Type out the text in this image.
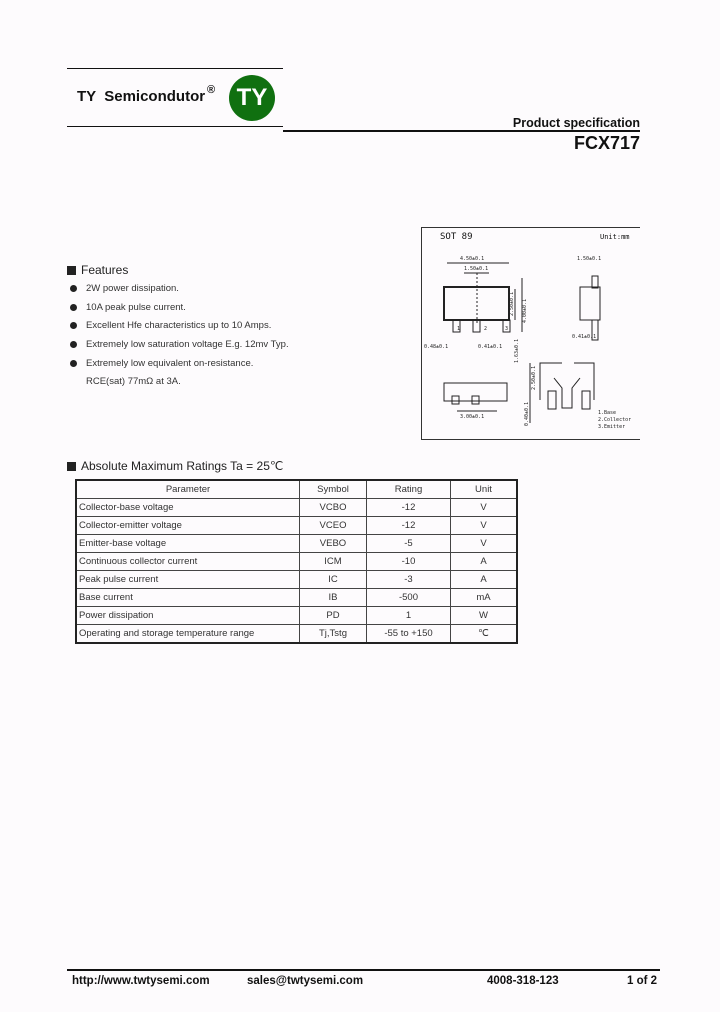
TY  Semicondutor ® TY
Product specification
FCX717
SOT 89	Unit:mm
4.50±0.1
1.50±0.1
1.50±0.1
0.41±0.1
2.50±0.1 4.00±0.1
0.48±0.1	0.41±0.1
3.00±0.1
1.63±0.1
0.40±0.1
2.50±0.1
1	2	3
1.Base
2.Collector
3.Emitter
Features
2W power dissipation.
10A peak pulse current.
Excellent Hfe characteristics up to 10 Amps.
Extremely low saturation voltage E.g. 12mv Typ.
Extremely low equivalent on-resistance.
RCE(sat) 77mΩ at 3A.
Absolute Maximum Ratings Ta = 25℃
Parameter	Symbol	Rating	Unit
Collector-base voltage	VCBO	-12	V
Collector-emitter voltage	VCEO	-12	V
Emitter-base voltage	VEBO	-5	V
Continuous collector current	ICM	-10	A
Peak pulse current	IC	-3	A
Base current	IB	-500	mA
Power dissipation	PD	1	W
Operating and storage temperature range	Tj,Tstg	-55 to +150	℃
http://www.twtysemi.com	sales@twtysemi.com	4008-318-123	1 of 2
